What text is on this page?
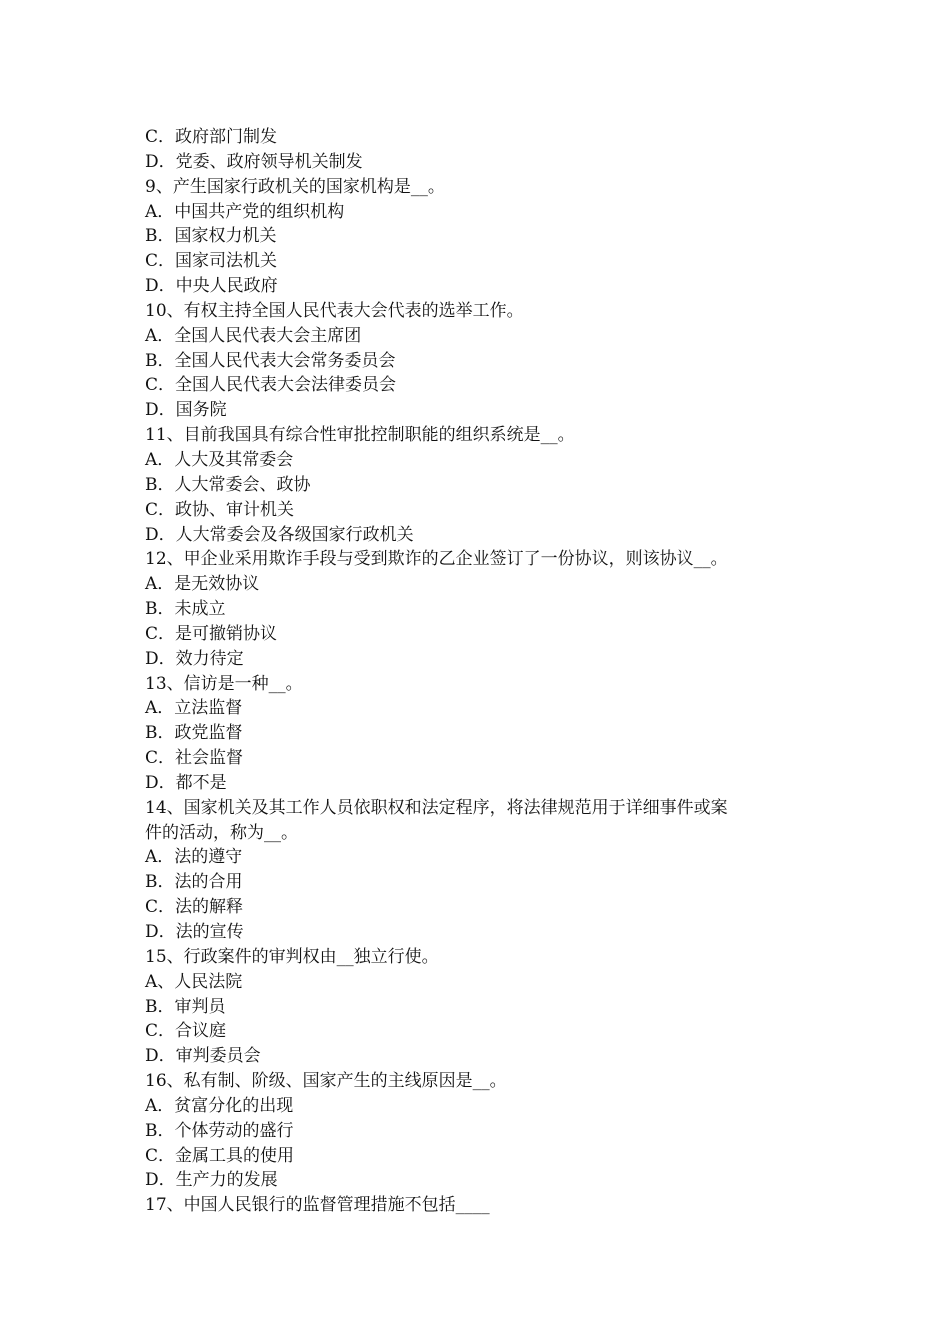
C．政府部门制发
D．党委、政府领导机关制发
9、产生国家行政机关的国家机构是__。
A．中国共产党的组织机构
B．国家权力机关
C．国家司法机关
D．中央人民政府
10、有权主持全国人民代表大会代表的选举工作。
A．全国人民代表大会主席团
B．全国人民代表大会常务委员会
C．全国人民代表大会法律委员会
D．国务院
11、目前我国具有综合性审批控制职能的组织系统是__。
A．人大及其常委会
B．人大常委会、政协
C．政协、审计机关
D．人大常委会及各级国家行政机关
12、甲企业采用欺诈手段与受到欺诈的乙企业签订了一份协议，则该协议__。
A．是无效协议
B．未成立
C．是可撤销协议
D．效力待定
13、信访是一种__。
A．立法监督
B．政党监督
C．社会监督
D．都不是
14、国家机关及其工作人员依职权和法定程序，将法律规范用于详细事件或案
件的活动，称为__。
A．法的遵守
B．法的合用
C．法的解释
D．法的宣传
15、行政案件的审判权由__独立行使。
A、人民法院
B．审判员
C．合议庭
D．审判委员会
16、私有制、阶级、国家产生的主线原因是__。
A．贫富分化的出现
B．个体劳动的盛行
C．金属工具的使用
D．生产力的发展
17、中国人民银行的监督管理措施不包括____
